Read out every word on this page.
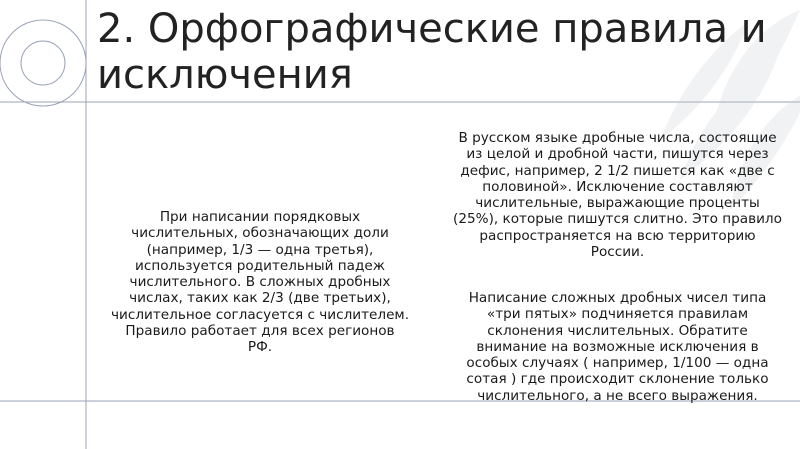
2. Орфографические правила и исключения

При написании порядковых
числительных, обозначающих доли
(например, 1/3 — одна третья),
используется родительный падеж
числительного. В сложных дробных
числах, таких как 2/3 (две третьих),
числительное согласуется с числителем.
Правило работает для всех регионов
РФ.

В русском языке дробные числа, состоящие
из целой и дробной части, пишутся через
дефис, например, 2 1/2 пишется как «две с
половиной». Исключение составляют
числительные, выражающие проценты
(25%), которые пишутся слитно. Это правило
распространяется на всю территорию
России.

Написание сложных дробных чисел типа
«три пятых» подчиняется правилам
склонения числительных. Обратите
внимание на возможные исключения в
особых случаях ( например, 1/100 — одна
сотая ) где происходит склонение только
числительного, а не всего выражения.
